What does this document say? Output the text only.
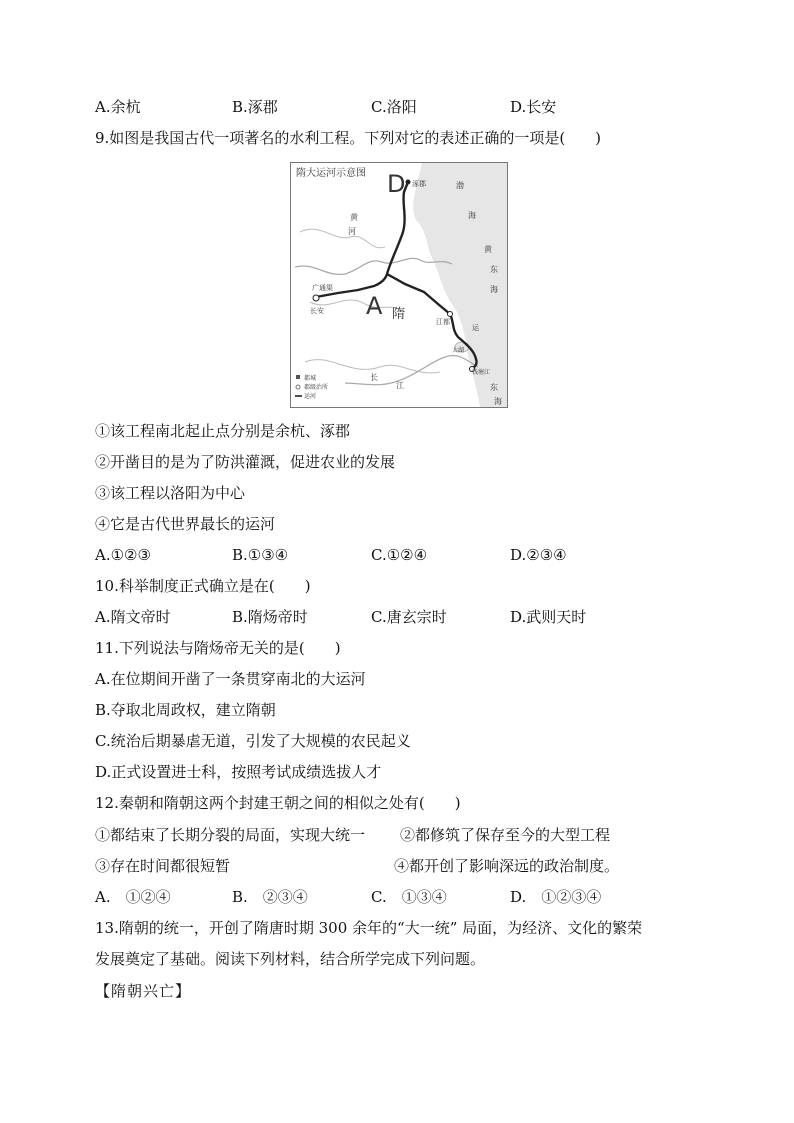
A.余杭	B.涿郡	C.洛阳	D.长安
9.如图是我国古代一项著名的水利工程。下列对它的表述正确的一项是(　　)
隋大运河示意图 D
A 隋
涿郡
广通渠
长安
江都
钱塘江
渤
海
黄
东
海
东
海
黄
河
长
江
太湖
运
都城
郡级治所
运河
①该工程南北起止点分别是余杭、涿郡
②开凿目的是为了防洪灌溉，促进农业的发展
③该工程以洛阳为中心
④它是古代世界最长的运河
A.①②③	B.①③④	C.①②④	D.②③④
10.科举制度正式确立是在(　　)
A.隋文帝时	B.隋炀帝时	C.唐玄宗时	D.武则天时
11.下列说法与隋炀帝无关的是(　　)
A.在位期间开凿了一条贯穿南北的大运河
B.夺取北周政权，建立隋朝
C.统治后期暴虐无道，引发了大规模的农民起义
D.正式设置进士科，按照考试成绩选拔人才
12.秦朝和隋朝这两个封建王朝之间的相似之处有(　　)
①都结束了长期分裂的局面，实现大统一 ②都修筑了保存至今的大型工程
③存在时间都很短暂	④都开创了影响深远的政治制度。
A.　①②④	B.　②③④	C.　①③④	D.　①②③④
13.隋朝的统一，开创了隋唐时期 300 余年的“大一统” 局面，为经济、文化的繁荣
发展奠定了基础。阅读下列材料，结合所学完成下列问题。
【隋朝兴亡】
